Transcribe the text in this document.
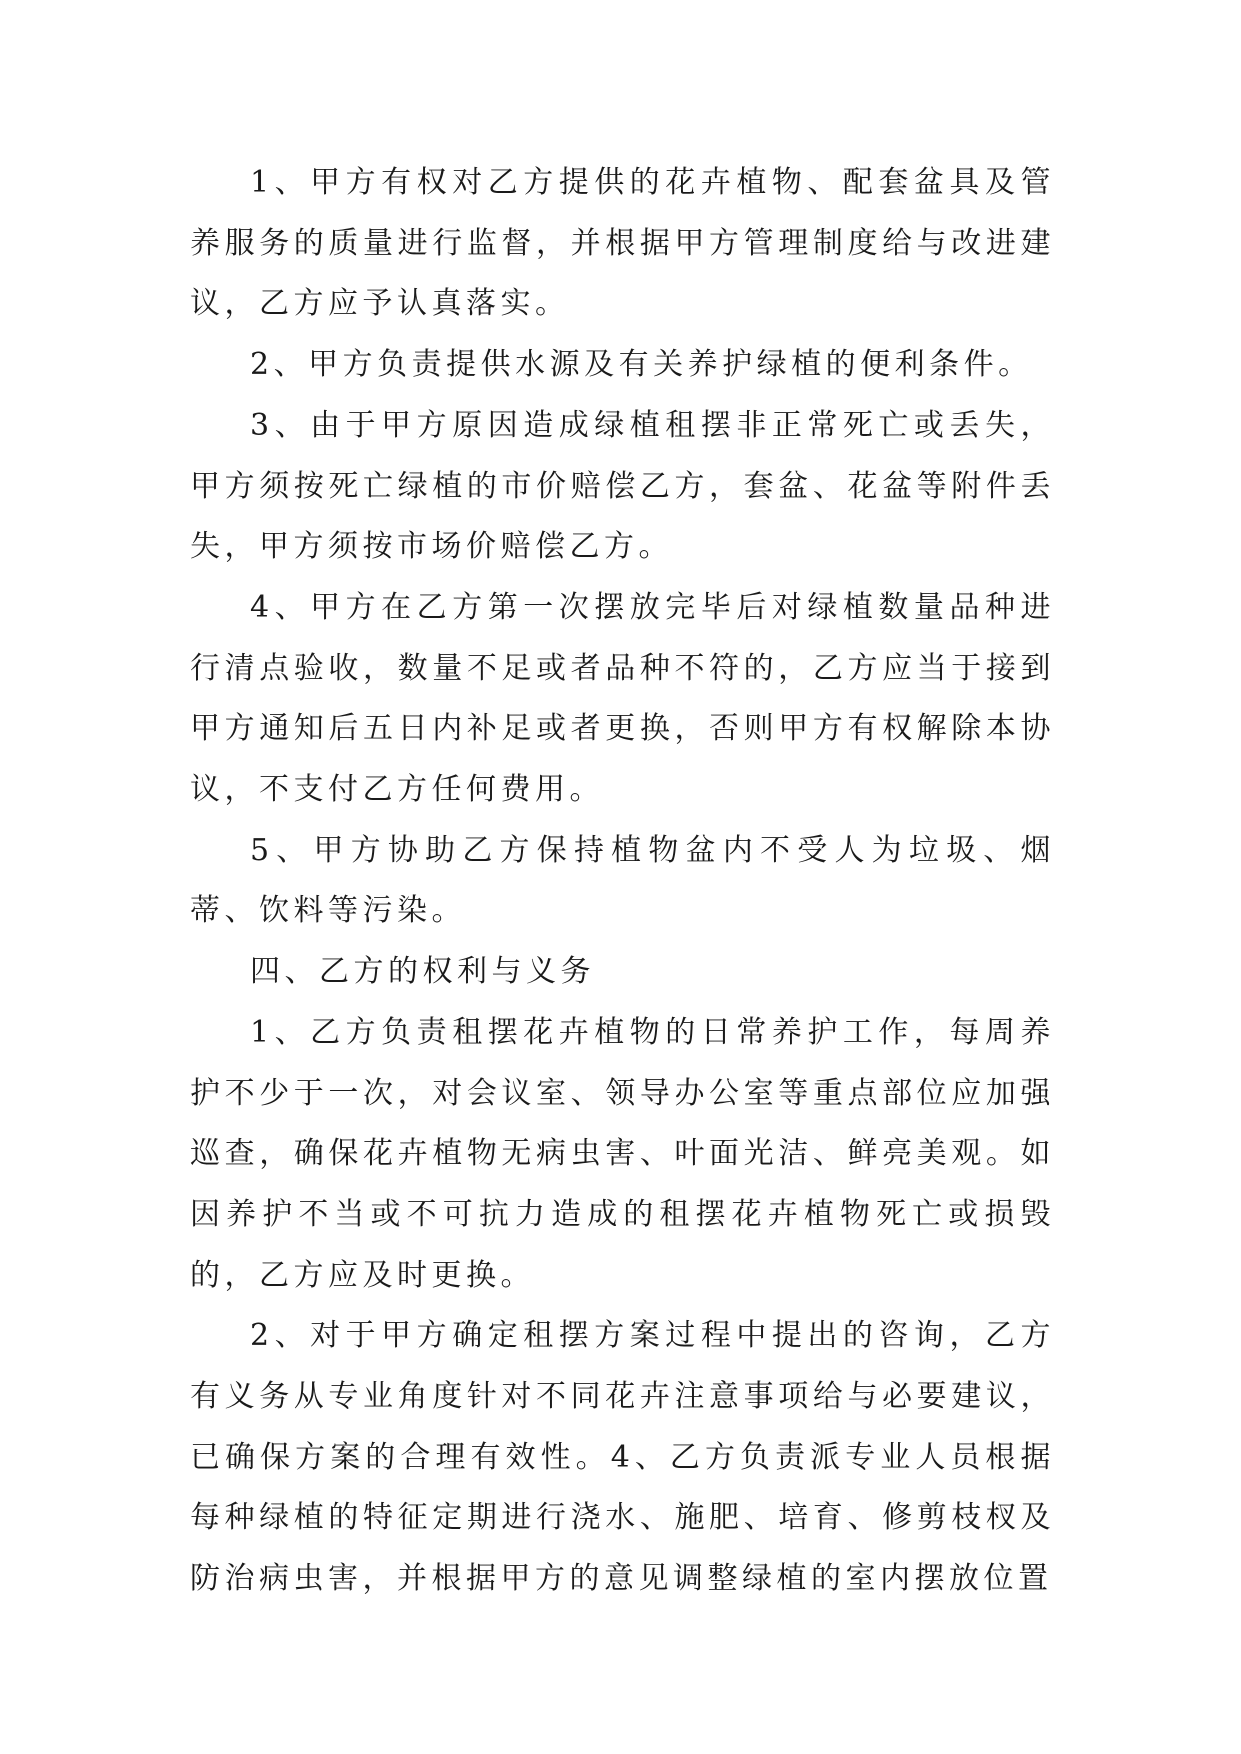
1、甲方有权对乙方提供的花卉植物、配套盆具及管养服务的质量进行监督，并根据甲方管理制度给与改进建议，乙方应予认真落实。

2、甲方负责提供水源及有关养护绿植的便利条件。

3、由于甲方原因造成绿植租摆非正常死亡或丢失，甲方须按死亡绿植的市价赔偿乙方，套盆、花盆等附件丢失，甲方须按市场价赔偿乙方。

4、甲方在乙方第一次摆放完毕后对绿植数量品种进行清点验收，数量不足或者品种不符的，乙方应当于接到甲方通知后五日内补足或者更换，否则甲方有权解除本协议，不支付乙方任何费用。

5、甲方协助乙方保持植物盆内不受人为垃圾、烟蒂、饮料等污染。

四、乙方的权利与义务

1、乙方负责租摆花卉植物的日常养护工作，每周养护不少于一次，对会议室、领导办公室等重点部位应加强巡查，确保花卉植物无病虫害、叶面光洁、鲜亮美观。如因养护不当或不可抗力造成的租摆花卉植物死亡或损毁的，乙方应及时更换。

2、对于甲方确定租摆方案过程中提出的咨询，乙方有义务从专业角度针对不同花卉注意事项给与必要建议，已确保方案的合理有效性。4、乙方负责派专业人员根据每种绿植的特征定期进行浇水、施肥、培育、修剪枝杈及防治病虫害，并根据甲方的意见调整绿植的室内摆放位置
